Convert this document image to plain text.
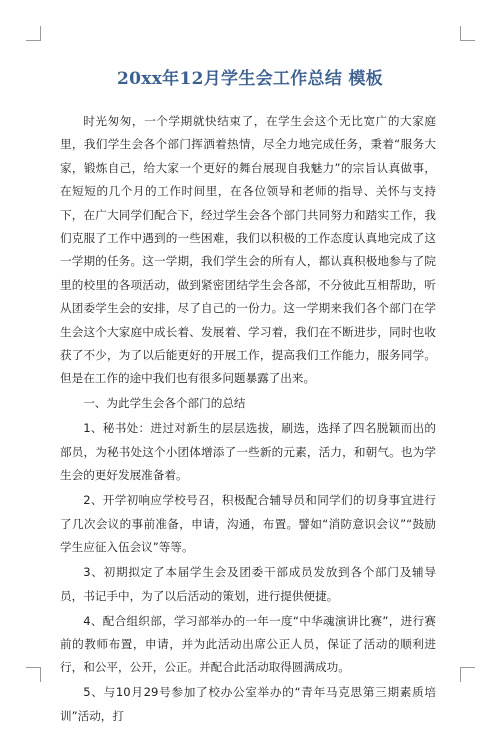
20xx年12月学生会工作总结 模板

时光匆匆，一个学期就快结束了，在学生会这个无比宽广的大家庭里，我们学生会各个部门挥洒着热情，尽全力地完成任务，秉着“服务大家，锻炼自己，给大家一个更好的舞台展现自我魅力”的宗旨认真做事，在短短的几个月的工作时间里，在各位领导和老师的指导、关怀与支持下，在广大同学们配合下，经过学生会各个部门共同努力和踏实工作，我们克服了工作中遇到的一些困难，我们以积极的工作态度认真地完成了这一学期的任务。这一学期，我们学生会的所有人，都认真积极地参与了院里的校里的各项活动，做到紧密团结学生会各部，不分彼此互相帮助，听从团委学生会的安排，尽了自己的一份力。这一学期来我们各个部门在学生会这个大家庭中成长着、发展着、学习着，我们在不断进步，同时也收获了不少，为了以后能更好的开展工作，提高我们工作能力，服务同学。但是在工作的途中我们也有很多问题暴露了出来。

一、为此学生会各个部门的总结

1、秘书处：进过对新生的层层选拔，刷选，选择了四名脱颖而出的部员，为秘书处这个小团体增添了一些新的元素，活力，和朝气。也为学生会的更好发展准备着。

2、开学初响应学校号召，积极配合辅导员和同学们的切身事宜进行了几次会议的事前准备，申请，沟通，布置。譬如“消防意识会议”“鼓励学生应征入伍会议”等等。

3、初期拟定了本届学生会及团委干部成员发放到各个部门及辅导员，书记手中，为了以后活动的策划，进行提供便捷。

4、配合组织部，学习部举办的一年一度“中华魂演讲比赛”，进行赛前的教师布置，申请，并为此活动出席公正人员，保证了活动的顺利进行，和公平，公开，公正。并配合此活动取得圆满成功。

5、与10月29号参加了校办公室举办的“青年马克思第三期素质培训”活动，打
